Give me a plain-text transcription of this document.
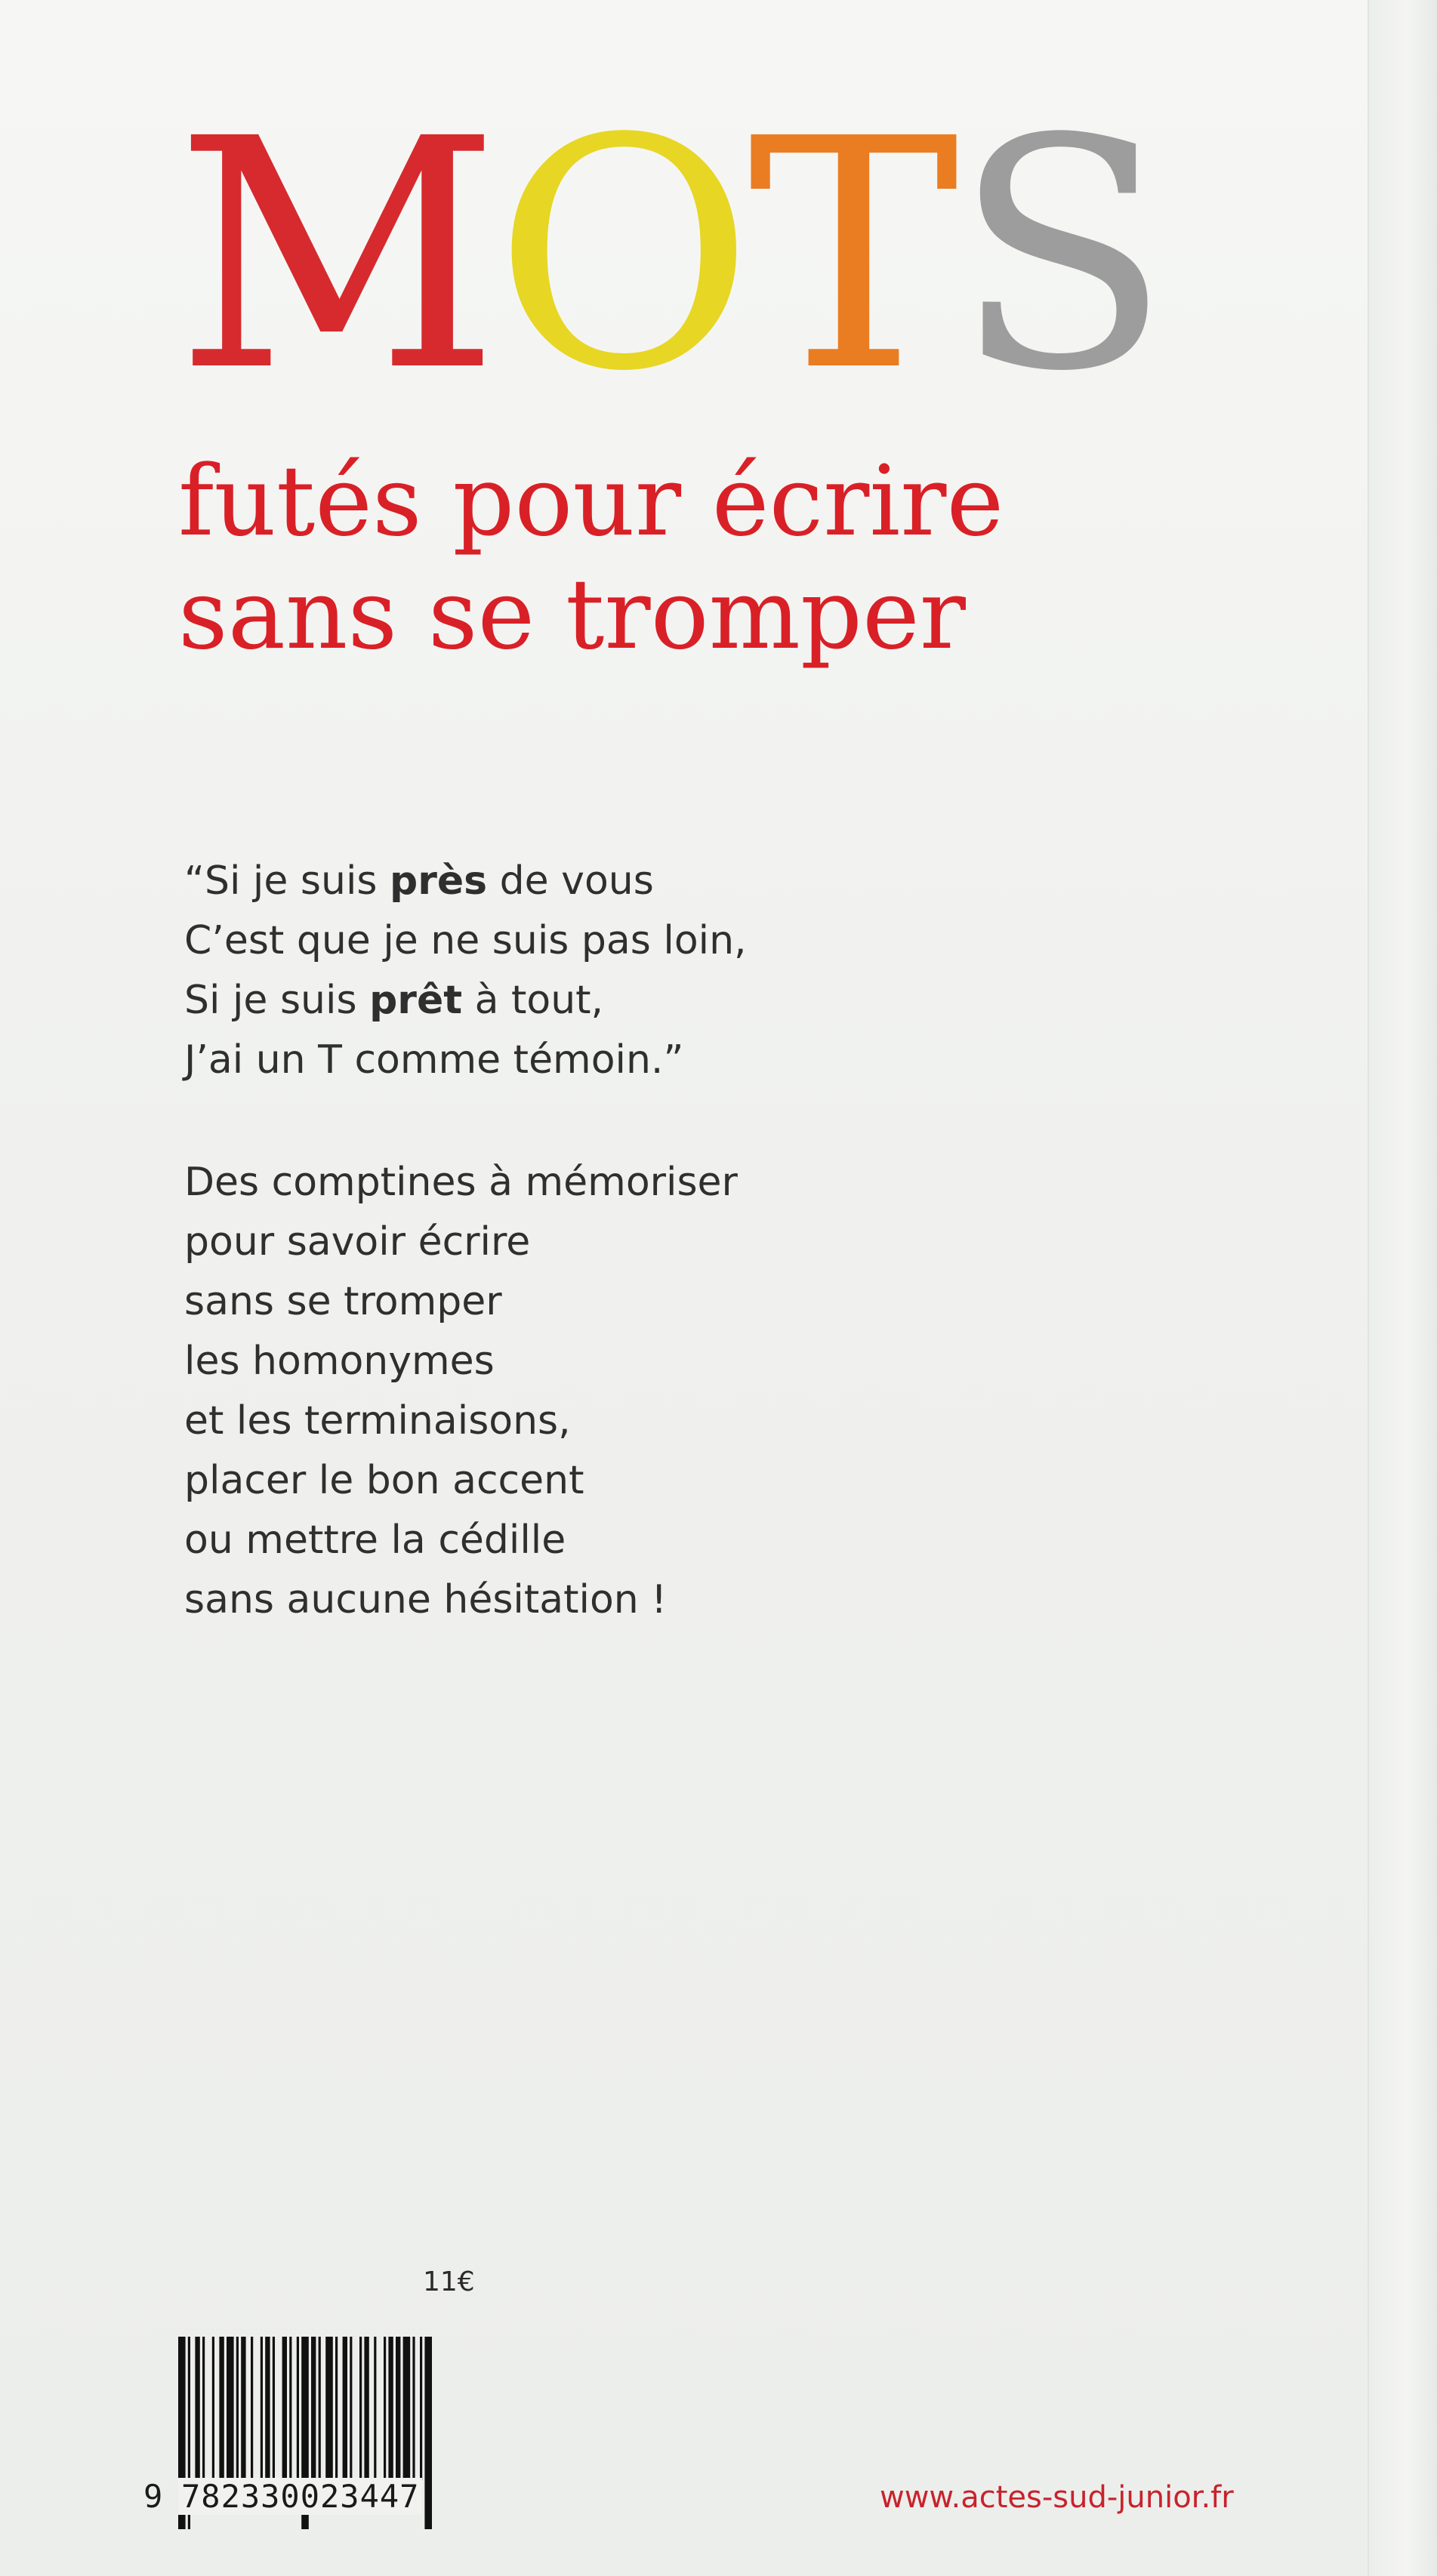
MOTS
futés pour écrire
sans se tromper
“Si je suis près de vous
C’est que je ne suis pas loin,
Si je suis prêt à tout,
J’ai un T comme témoin.”
Des comptines à mémoriser
pour savoir écrire
sans se tromper
les homonymes
et les terminaisons,
placer le bon accent
ou mettre la cédille
sans aucune hésitation !
11€
9 782330023447	www.actes-sud-junior.fr
